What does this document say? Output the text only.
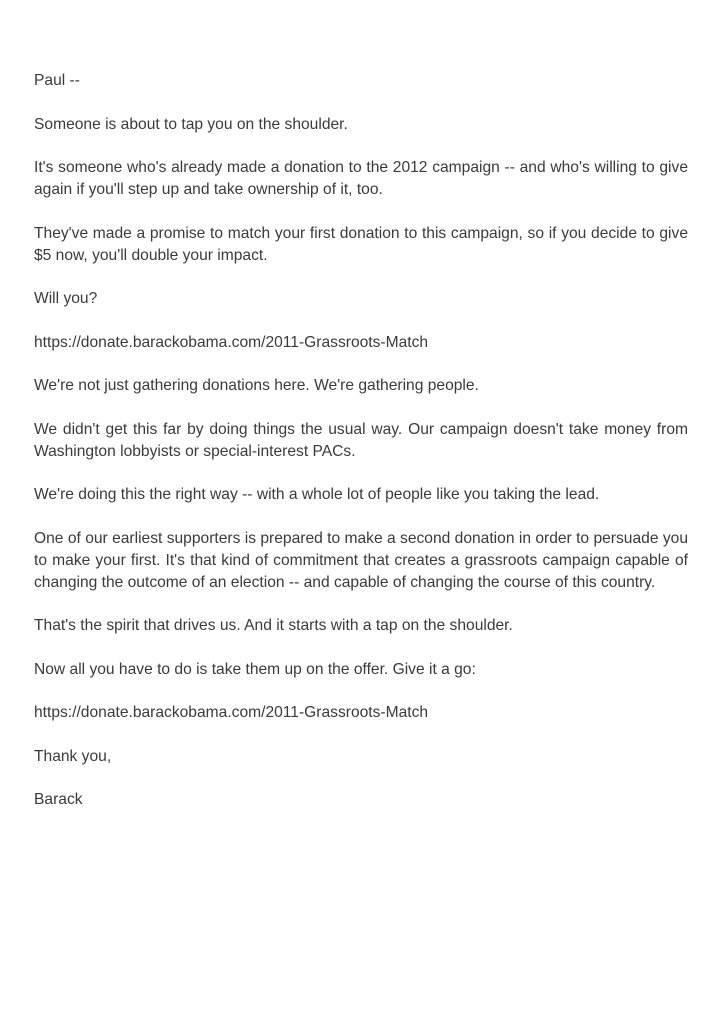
Paul --

Someone is about to tap you on the shoulder.

It's someone who's already made a donation to the 2012 campaign -- and who's willing to give again if you'll step up and take ownership of it, too.

They've made a promise to match your first donation to this campaign, so if you decide to give $5 now, you'll double your impact.

Will you?

https://donate.barackobama.com/2011-Grassroots-Match

We're not just gathering donations here. We're gathering people.

We didn't get this far by doing things the usual way. Our campaign doesn't take money from Washington lobbyists or special-interest PACs.

We're doing this the right way -- with a whole lot of people like you taking the lead.

One of our earliest supporters is prepared to make a second donation in order to persuade you to make your first. It's that kind of commitment that creates a grassroots campaign capable of changing the outcome of an election -- and capable of changing the course of this country.

That's the spirit that drives us. And it starts with a tap on the shoulder.

Now all you have to do is take them up on the offer. Give it a go:

https://donate.barackobama.com/2011-Grassroots-Match

Thank you,

Barack
